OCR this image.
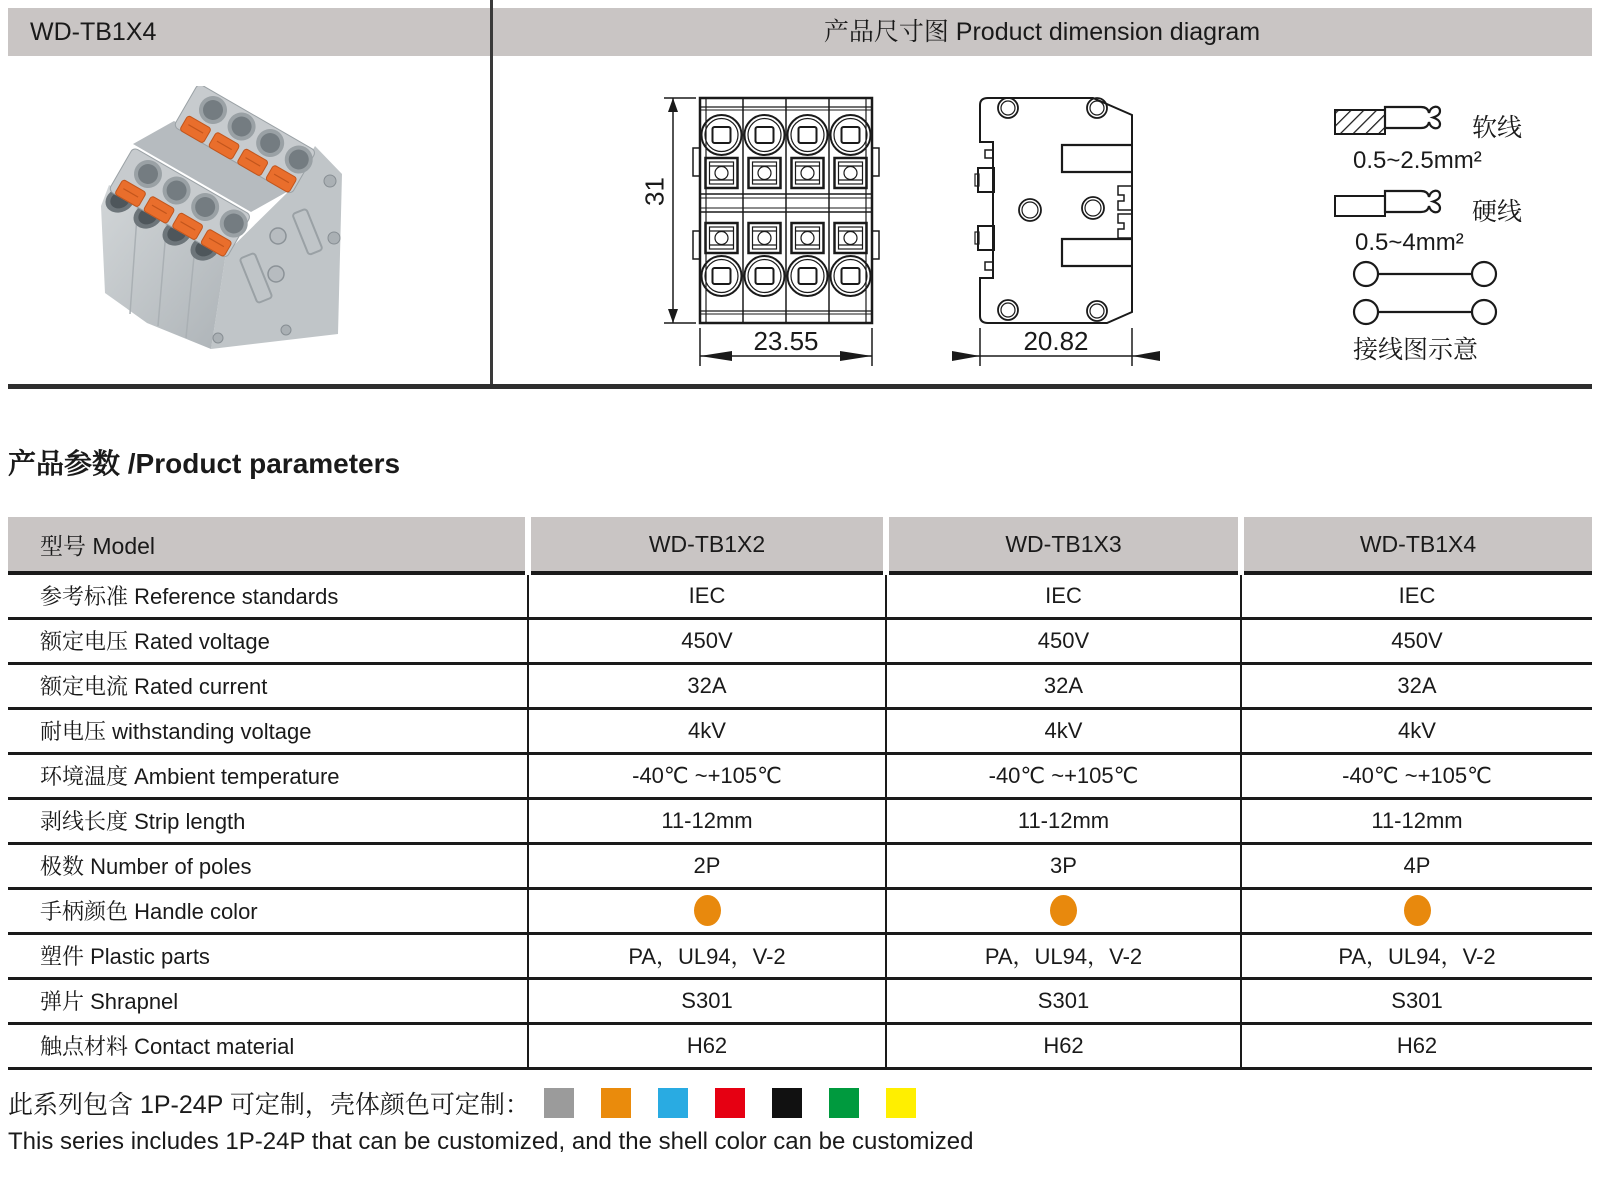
WD-TB1X4	产品尺寸图 Product dimension diagram
31
23.55	20.82
软线
0.5~2.5mm²
硬线
0.5~4mm²
接线图示意
产品参数 /Product parameters
型号 Model	WD-TB1X2	WD-TB1X3	WD-TB1X4
参考标准 Reference standards	IEC	IEC	IEC
额定电压 Rated voltage	450V	450V	450V
额定电流 Rated current	32A	32A	32A
耐电压 withstanding voltage	4kV	4kV	4kV
环境温度 Ambient temperature	-40℃ ~+105℃	-40℃ ~+105℃	-40℃ ~+105℃
剥线长度 Strip length	11-12mm	11-12mm	11-12mm
极数 Number of poles	2P	3P	4P
手柄颜色 Handle color			
塑件 Plastic parts	PA，UL94，V-2	PA，UL94，V-2	PA，UL94，V-2
弹片 Shrapnel	S301	S301	S301
触点材料 Contact material	H62	H62	H62
此系列包含 1P-24P 可定制，壳体颜色可定制：
This series includes 1P-24P that can be customized, and the shell color can be customized
